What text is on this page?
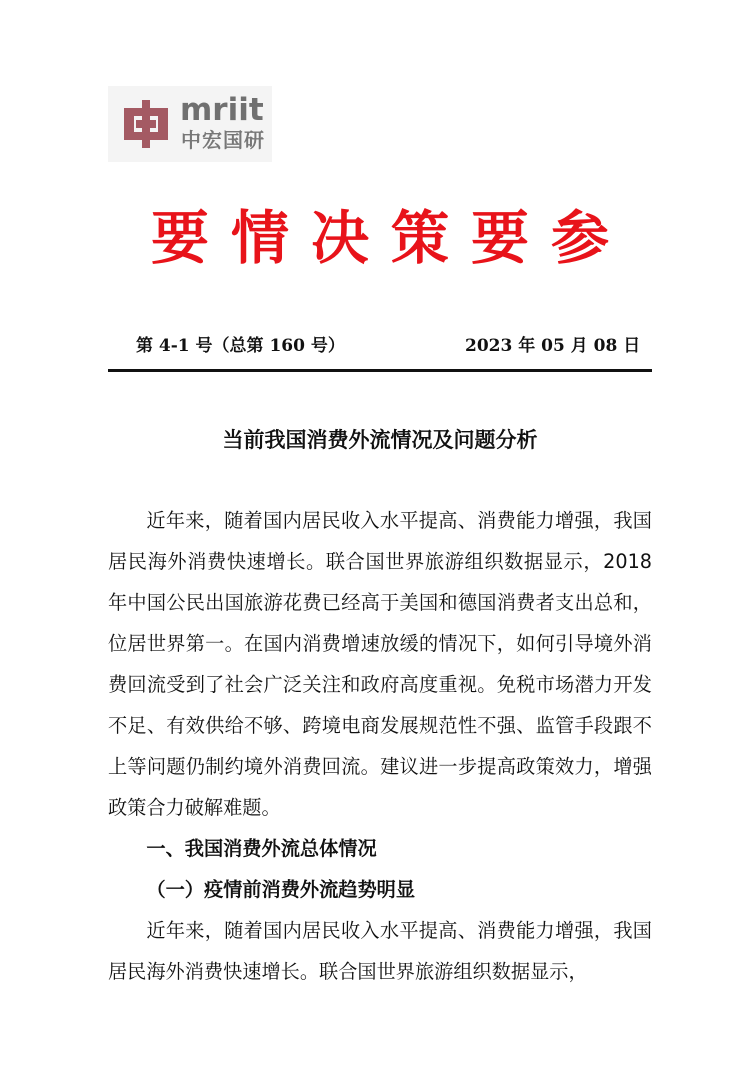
mriit
中宏国研
要情决策要参
第 4-1 号（总第 160 号）	2023 年 05 月 08 日
当前我国消费外流情况及问题分析

近年来，随着国内居民收入水平提高、消费能力增强，我国居民海外消费快速增长。联合国世界旅游组织数据显示，2018年中国公民出国旅游花费已经高于美国和德国消费者支出总和，位居世界第一。在国内消费增速放缓的情况下，如何引导境外消费回流受到了社会广泛关注和政府高度重视。免税市场潜力开发不足、有效供给不够、跨境电商发展规范性不强、监管手段跟不上等问题仍制约境外消费回流。建议进一步提高政策效力，增强政策合力破解难题。

一、我国消费外流总体情况

（一）疫情前消费外流趋势明显

近年来，随着国内居民收入水平提高、消费能力增强，我国居民海外消费快速增长。联合国世界旅游组织数据显示，
